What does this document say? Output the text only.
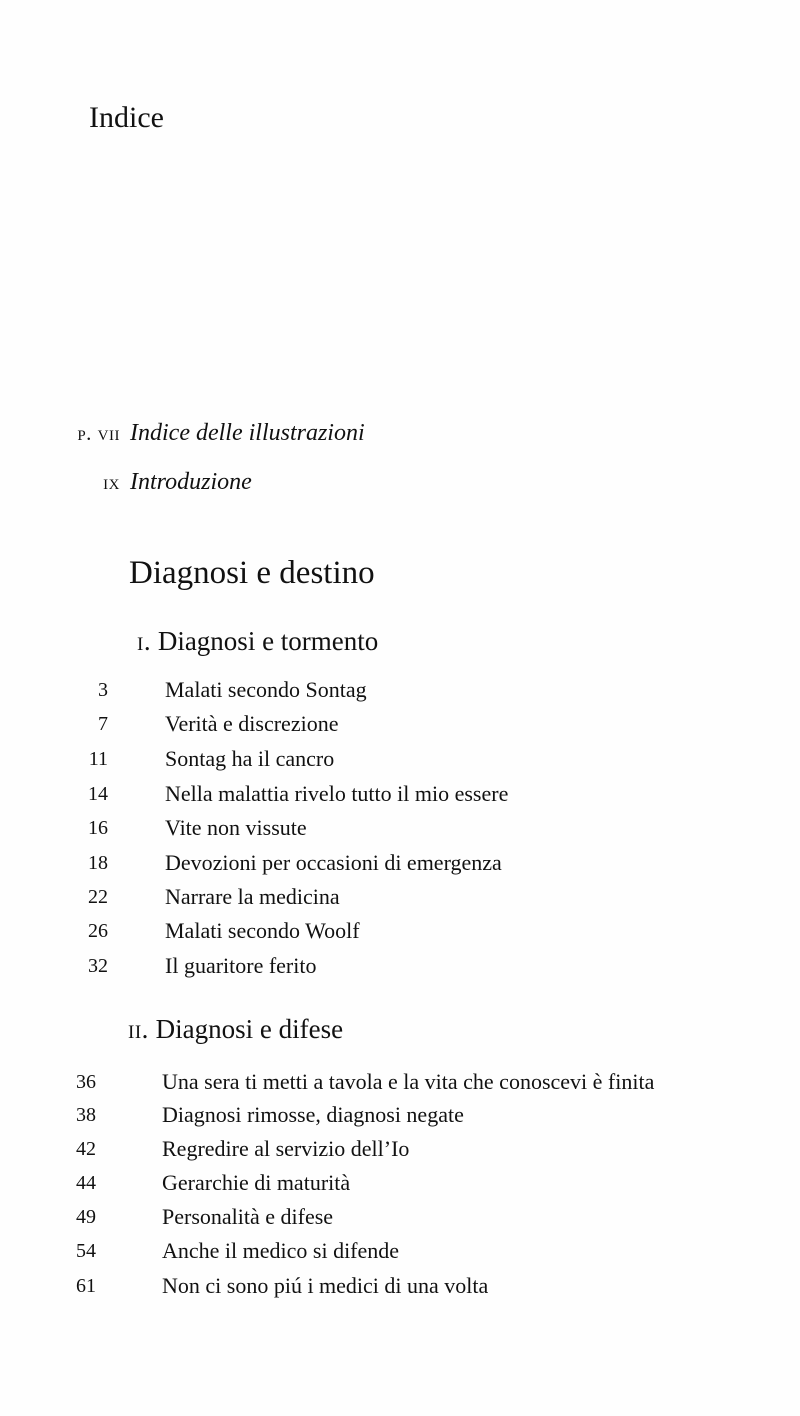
Indice
p. vii Indice delle illustrazioni
ix Introduzione
Diagnosi e destino
i. Diagnosi e tormento
3	Malati secondo Sontag
7	Verità e discrezione
11	Sontag ha il cancro
14	Nella malattia rivelo tutto il mio essere
16	Vite non vissute
18	Devozioni per occasioni di emergenza
22	Narrare la medicina
26	Malati secondo Woolf
32	Il guaritore ferito
ii. Diagnosi e difese
36	Una sera ti metti a tavola e la vita che conoscevi è finita
38	Diagnosi rimosse, diagnosi negate
42	Regredire al servizio dell’Io
44	Gerarchie di maturità
49	Personalità e difese
54	Anche il medico si difende
61	Non ci sono piú i medici di una volta
